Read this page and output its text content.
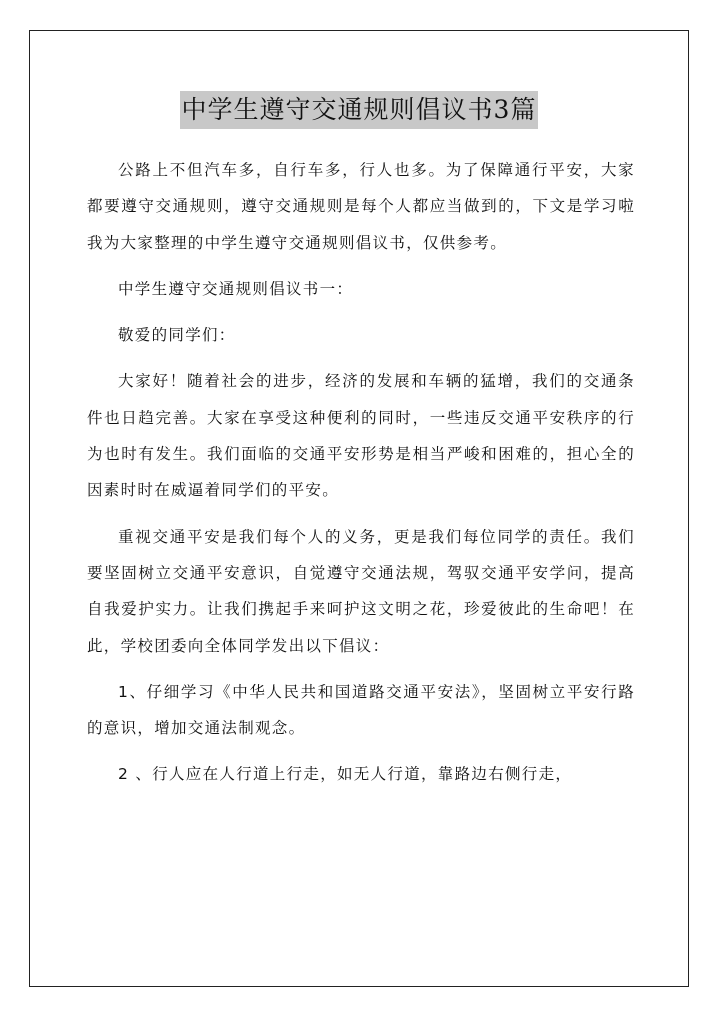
中学生遵守交通规则倡议书3篇

公路上不但汽车多，自行车多，行人也多。为了保障通行平安，大家都要遵守交通规则，遵守交通规则是每个人都应当做到的，下文是学习啦我为大家整理的中学生遵守交通规则倡议书，仅供参考。

中学生遵守交通规则倡议书一：

敬爱的同学们：

大家好！随着社会的进步，经济的发展和车辆的猛增，我们的交通条件也日趋完善。大家在享受这种便利的同时，一些违反交通平安秩序的行为也时有发生。我们面临的交通平安形势是相当严峻和困难的，担心全的因素时时在威逼着同学们的平安。

重视交通平安是我们每个人的义务，更是我们每位同学的责任。我们要坚固树立交通平安意识，自觉遵守交通法规，驾驭交通平安学问，提高自我爱护实力。让我们携起手来呵护这文明之花，珍爱彼此的生命吧！在此，学校团委向全体同学发出以下倡议：

1、仔细学习《中华人民共和国道路交通平安法》，坚固树立平安行路的意识，增加交通法制观念。

2 、行人应在人行道上行走，如无人行道，靠路边右侧行走，
